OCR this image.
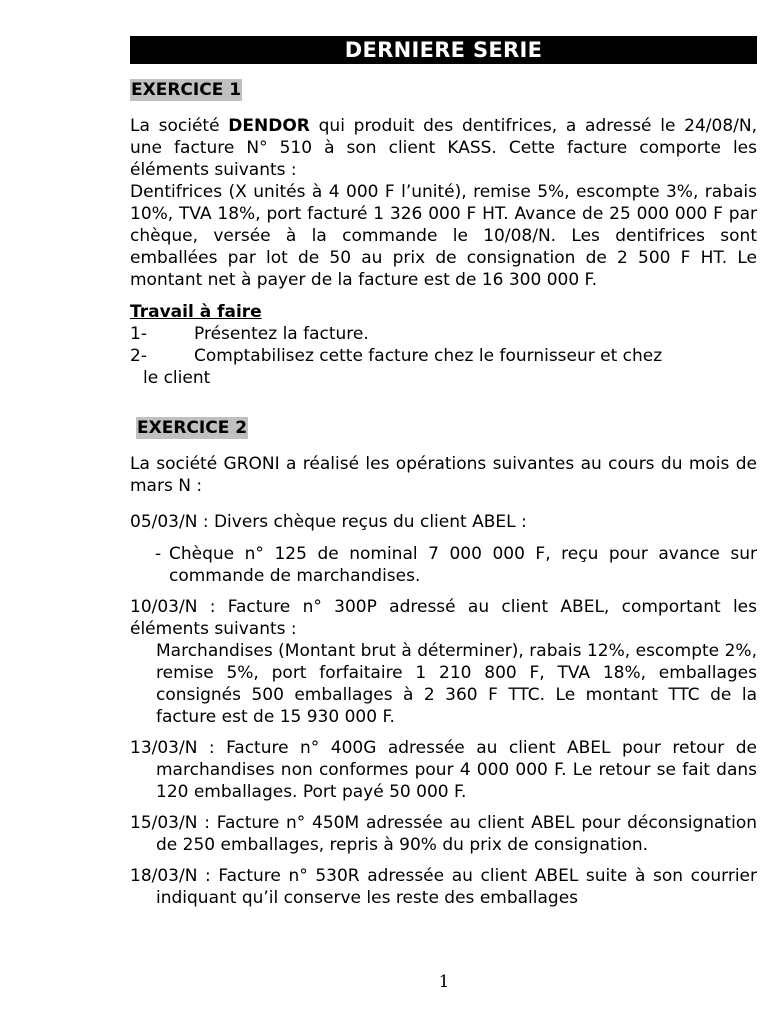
DERNIERE SERIE
EXERCICE 1

La société DENDOR qui produit des dentifrices, a adressé le 24/08/N, une facture N° 510 à son client KASS. Cette facture comporte les éléments suivants :

Dentifrices (X unités à 4 000 F l’unité), remise 5%, escompte 3%, rabais 10%, TVA 18%, port facturé 1 326 000 F HT. Avance de 25 000 000 F par chèque, versée à la commande le 10/08/N. Les dentifrices sont emballées par lot de 50 au prix de consignation de 2 500 F HT. Le montant net à payer de la facture est de 16 300 000 F.

Travail à faire

1-	Présentez la facture.

2-	Comptabilisez cette facture chez le fournisseur et chez

le client

EXERCICE 2

La société GRONI a réalisé les opérations suivantes au cours du mois de mars N :

05/03/N : Divers chèque reçus du client ABEL :

- Chèque n° 125 de nominal 7 000 000 F, reçu pour avance sur commande de marchandises.

10/03/N : Facture n° 300P adressé au client ABEL, comportant les éléments suivants :

Marchandises (Montant brut à déterminer), rabais 12%, escompte 2%, remise 5%, port forfaitaire 1 210 800 F, TVA 18%, emballages consignés 500 emballages à 2 360 F TTC. Le montant TTC de la facture est de 15 930 000 F.

13/03/N : Facture n° 400G adressée au client ABEL pour retour de marchandises non conformes pour 4 000 000 F. Le retour se fait dans 120 emballages. Port payé 50 000 F.

15/03/N : Facture n° 450M adressée au client ABEL pour déconsignation de 250 emballages, repris à 90% du prix de consignation.

18/03/N : Facture n° 530R adressée au client ABEL suite à son courrier indiquant qu’il conserve les reste des emballages

1
